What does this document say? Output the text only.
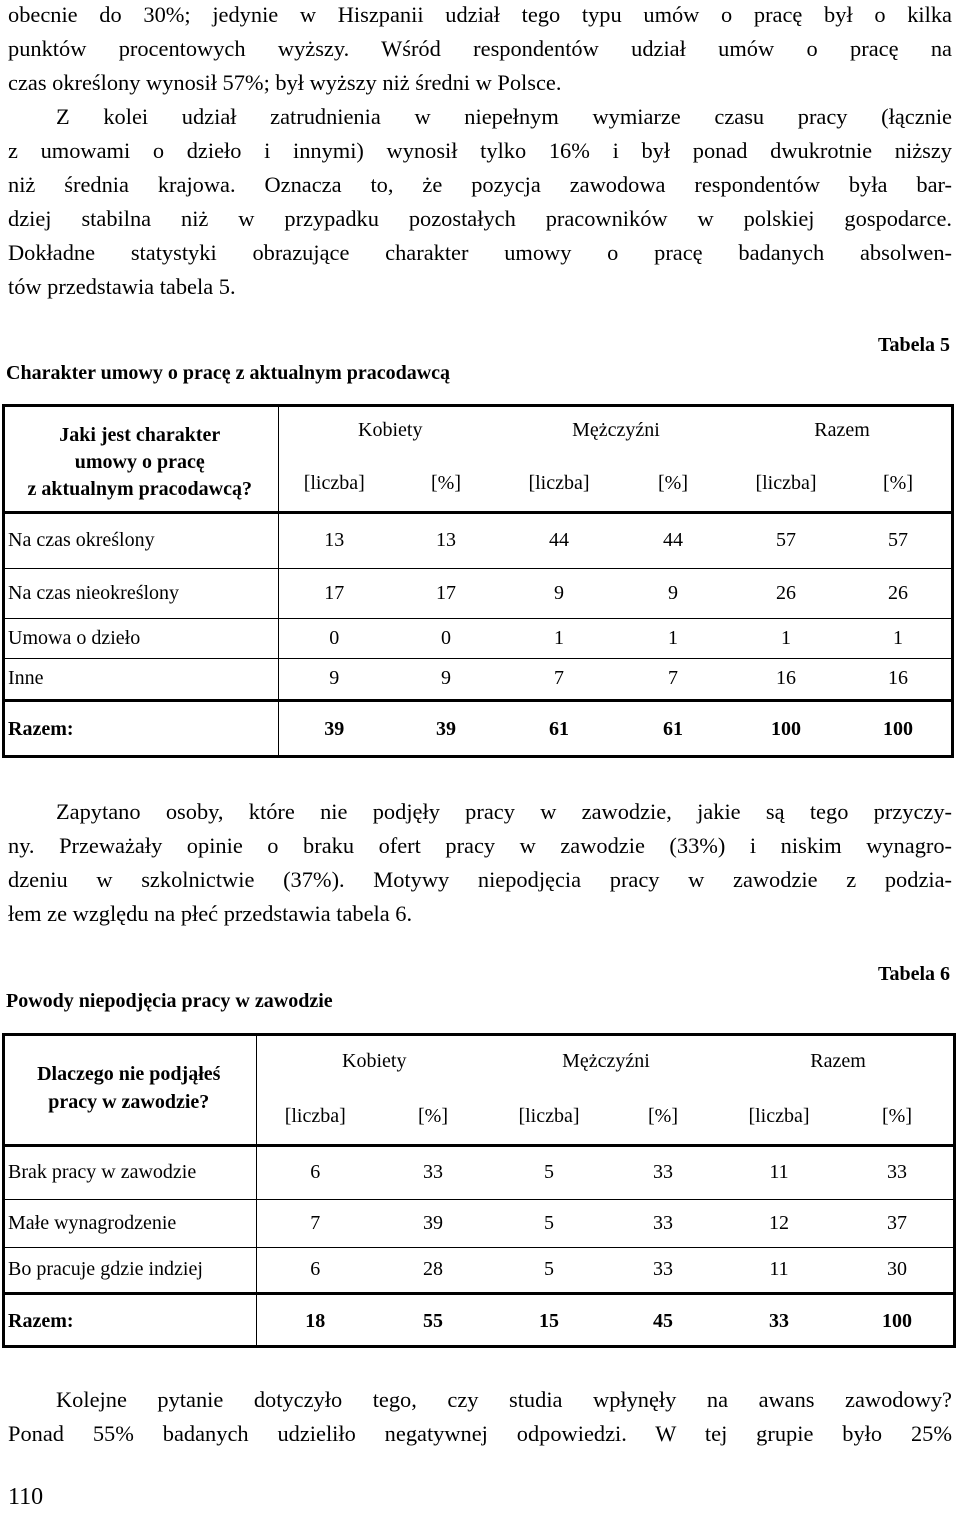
obecnie do 30%; jedynie w Hiszpanii udział tego typu umów o pracę był o kilka
punktów procentowych wyższy. Wśród respondentów udział umów o pracę na
czas określony wynosił 57%; był wyższy niż średni w Polsce.
Z kolei udział zatrudnienia w niepełnym wymiarze czasu pracy (łącznie
z umowami o dzieło i innymi) wynosił tylko 16% i był ponad dwukrotnie niższy
niż średnia krajowa. Oznacza to, że pozycja zawodowa respondentów była bar-
dziej stabilna niż w przypadku pozostałych pracowników w polskiej gospodarce.
Dokładne statystyki obrazujące charakter umowy o pracę badanych absolwen-
tów przedstawia tabela 5.
Tabela 5
Charakter umowy o pracę z aktualnym pracodawcą
Jaki jest charakter
umowy o pracę
z aktualnym pracodawcą?	Kobiety		Mężczyźni		Razem	
	[liczba]	[%]	[liczba]	[%]	[liczba]	[%]
Na czas określony	13	13	44	44	57	57
Na czas nieokreślony	17	17	9	9	26	26
Umowa o dzieło	0	0	1	1	1	1
Inne	9	9	7	7	16	16
Razem:	39	39	61	61	100	100
Zapytano osoby, które nie podjęły pracy w zawodzie, jakie są tego przyczy-
ny. Przeważały opinie o braku ofert pracy w zawodzie (33%) i niskim wynagro-
dzeniu w szkolnictwie (37%). Motywy niepodjęcia pracy w zawodzie z podzia-
łem ze względu na płeć przedstawia tabela 6.
Tabela 6
Powody niepodjęcia pracy w zawodzie
Dlaczego nie podjąłeś
pracy w zawodzie?	Kobiety		Mężczyźni		Razem	
	[liczba]	[%]	[liczba]	[%]	[liczba]	[%]
Brak pracy w zawodzie	6	33	5	33	11	33
Małe wynagrodzenie	7	39	5	33	12	37
Bo pracuje gdzie indziej	6	28	5	33	11	30
Razem:	18	55	15	45	33	100
Kolejne pytanie dotyczyło tego, czy studia wpłynęły na awans zawodowy?
Ponad 55% badanych udzieliło negatywnej odpowiedzi. W tej grupie było 25%
110
